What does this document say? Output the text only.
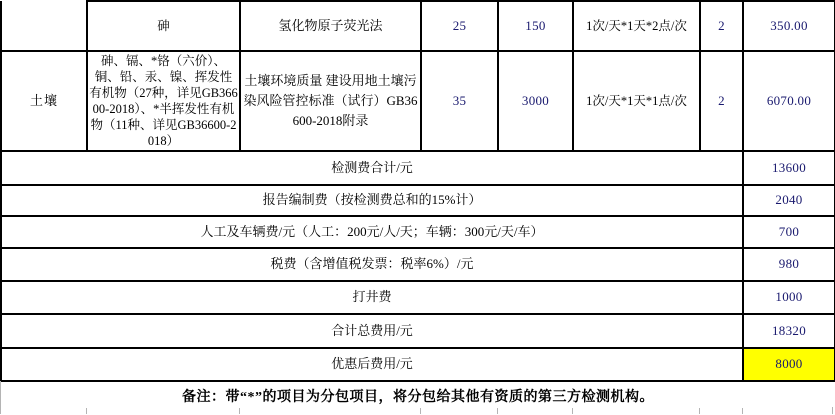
	砷	氢化物原子荧光法	25	150	1次/天*1天*2点/次	2	350.00
土壤	砷、镉、*铬（六价）、铜、铅、汞、镍、挥发性有机物（27种，详见GB36600-2018）、*半挥发性有机物（11种、详见GB36600-2018）	土壤环境质量 建设用地土壤污染风险管控标准（试行）GB36600-2018附录	35	3000	1次/天*1天*1点/次	2	6070.00
检测费合计/元							13600
报告编制费（按检测费总和的15%计）							2040
人工及车辆费/元（人工：200元/人/天；车辆：300元/天/车）							700
税费（含增值税发票：税率6%）/元							980
打井费							1000
合计总费用/元							18320
优惠后费用/元							8000
备注：带“*”的项目为分包项目，将分包给其他有资质的第三方检测机构。							
